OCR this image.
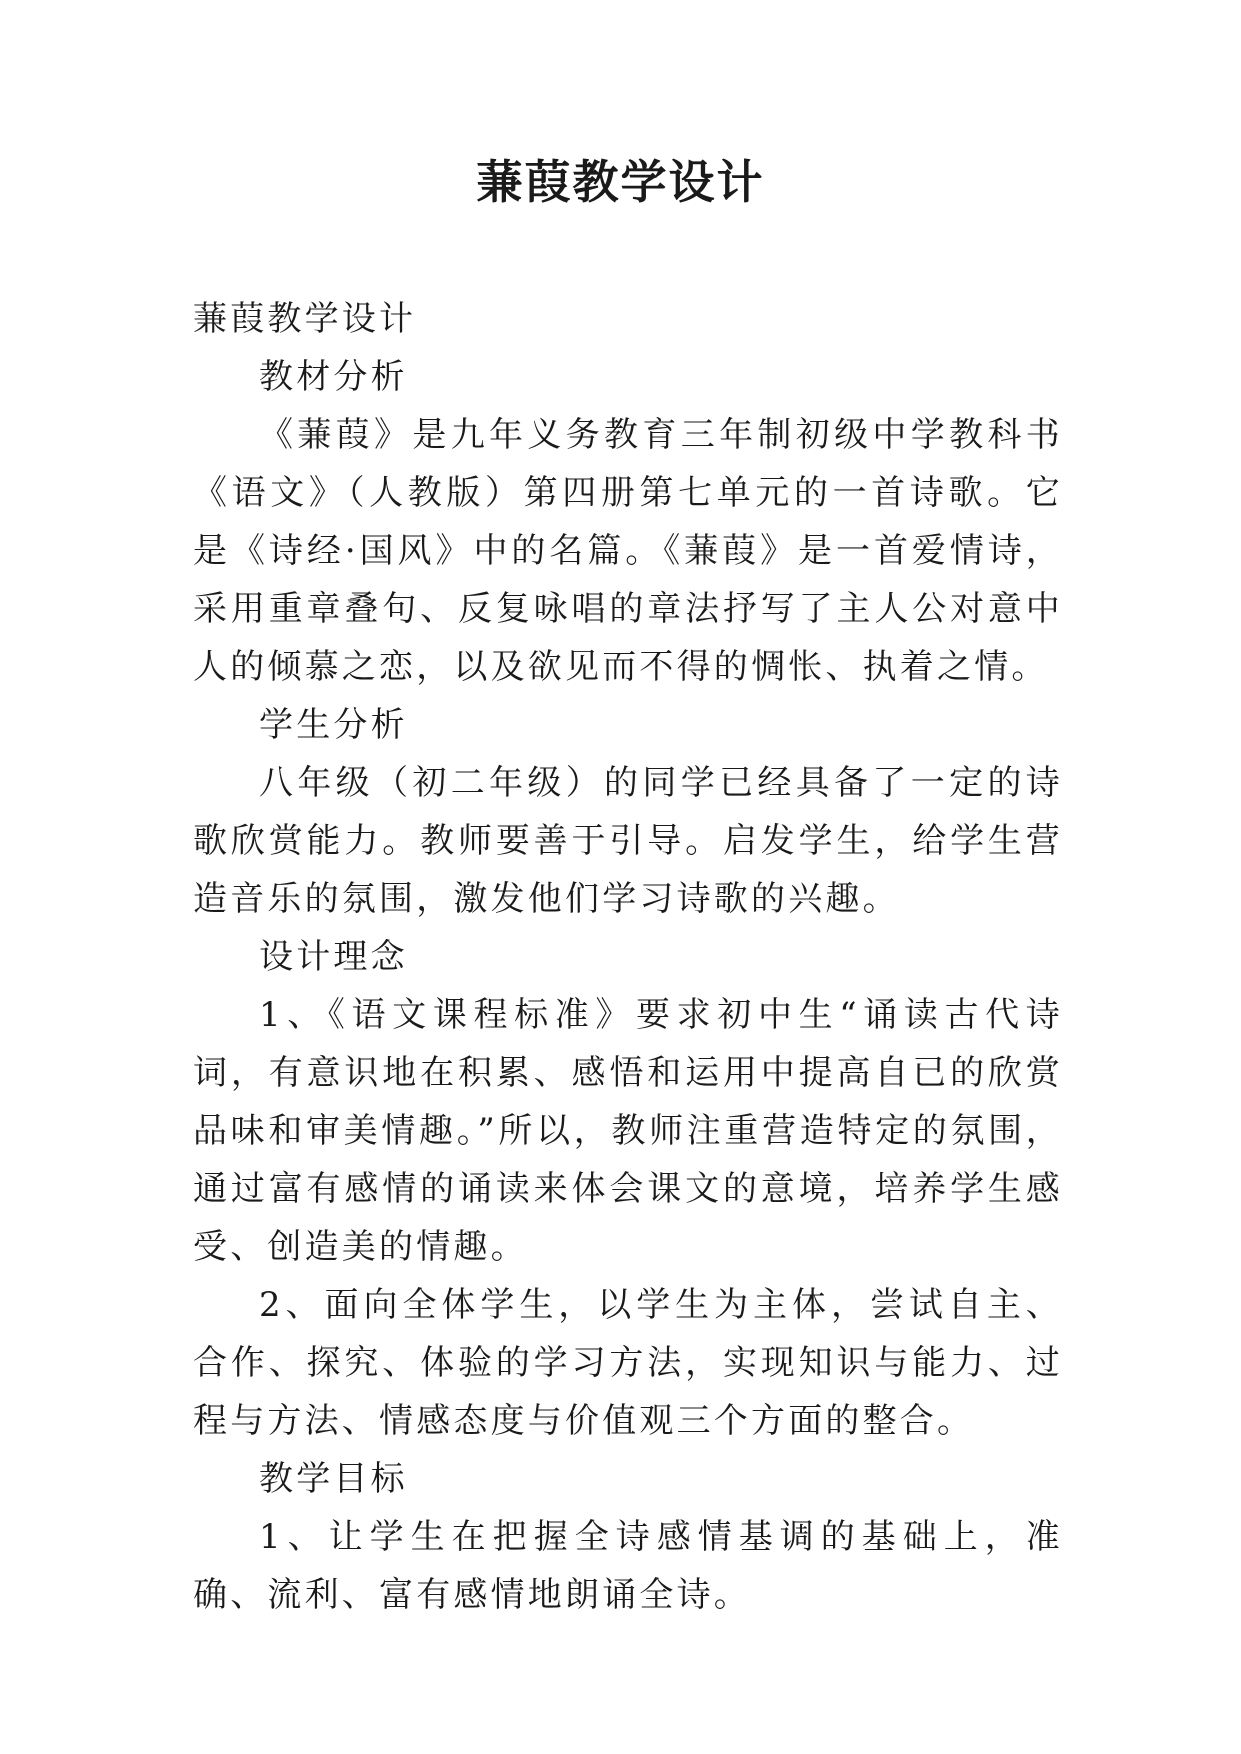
蒹葭教学设计

蒹葭教学设计

教材分析

《蒹葭》是九年义务教育三年制初级中学教科书《语文》（人教版）第四册第七单元的一首诗歌。它是《诗经·国风》中的名篇。《蒹葭》是一首爱情诗，采用重章叠句、反复咏唱的章法抒写了主人公对意中人的倾慕之恋，以及欲见而不得的惆怅、执着之情。

学生分析

八年级（初二年级）的同学已经具备了一定的诗歌欣赏能力。教师要善于引导。启发学生，给学生营造音乐的氛围，激发他们学习诗歌的兴趣。

设计理念

1、《语文课程标准》要求初中生“诵读古代诗词，有意识地在积累、感悟和运用中提高自已的欣赏品味和审美情趣。”所以，教师注重营造特定的氛围，通过富有感情的诵读来体会课文的意境，培养学生感受、创造美的情趣。

2、面向全体学生，以学生为主体，尝试自主、合作、探究、体验的学习方法，实现知识与能力、过程与方法、情感态度与价值观三个方面的整合。

教学目标

1、让学生在把握全诗感情基调的基础上，准确、流利、富有感情地朗诵全诗。
